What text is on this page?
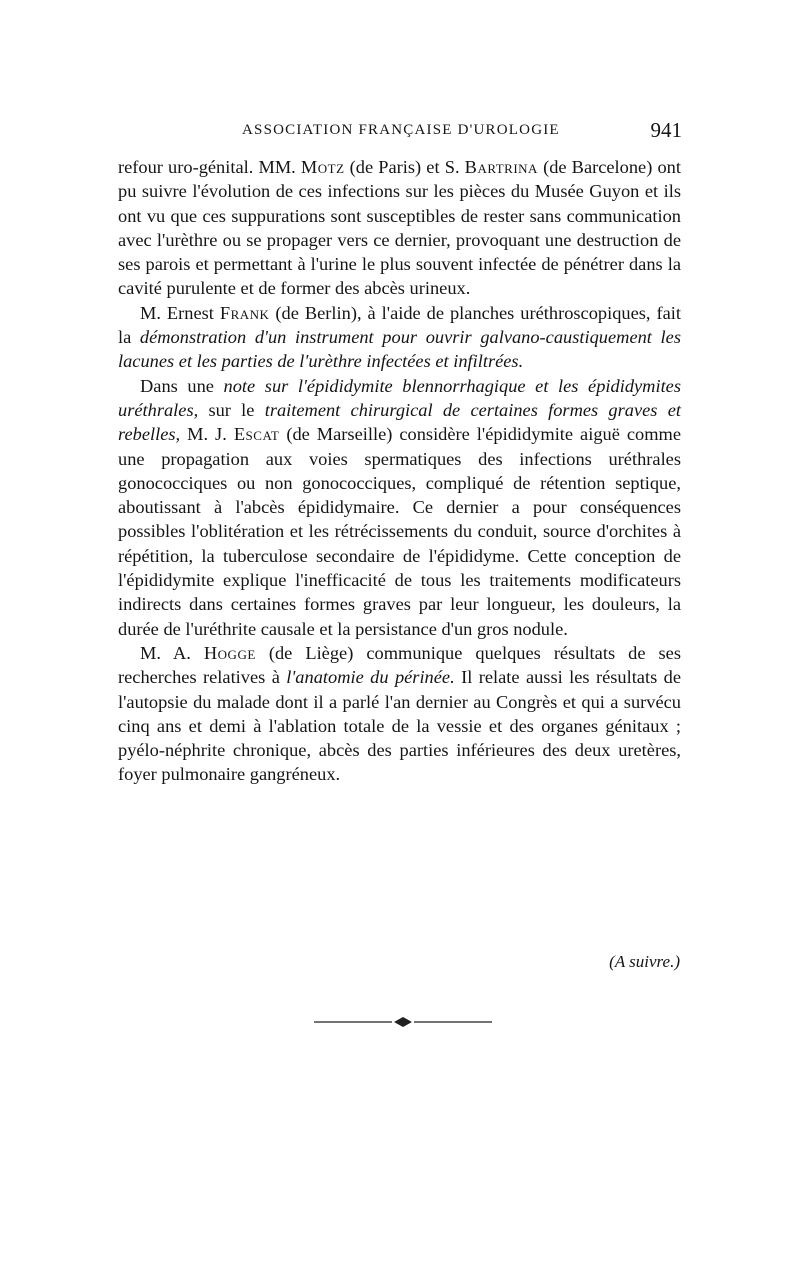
ASSOCIATION FRANÇAISE D'UROLOGIE	941

refour uro-génital. MM. Motz (de Paris) et S. Bartrina (de Barcelone) ont pu suivre l'évolution de ces infections sur les pièces du Musée Guyon et ils ont vu que ces suppurations sont susceptibles de rester sans communication avec l'urèthre ou se propager vers ce dernier, provoquant une destruction de ses parois et permettant à l'urine le plus souvent infectée de pénétrer dans la cavité purulente et de former des abcès urineux.

M. Ernest Frank (de Berlin), à l'aide de planches uréthroscopiques, fait la démonstration d'un instrument pour ouvrir galvano-caustiquement les lacunes et les parties de l'urèthre infectées et infiltrées.

Dans une note sur l'épididymite blennorrhagique et les épididymites uréthrales, sur le traitement chirurgical de certaines formes graves et rebelles, M. J. Escat (de Marseille) considère l'épididymite aiguë comme une propagation aux voies spermatiques des infections uréthrales gonococciques ou non gonococciques, compliqué de rétention septique, aboutissant à l'abcès épididymaire. Ce dernier a pour conséquences possibles l'oblitération et les rétrécissements du conduit, source d'orchites à répétition, la tuberculose secondaire de l'épididyme. Cette conception de l'épididymite explique l'inefficacité de tous les traitements modificateurs indirects dans certaines formes graves par leur longueur, les douleurs, la durée de l'uréthrite causale et la persistance d'un gros nodule.

M. A. Hogge (de Liège) communique quelques résultats de ses recherches relatives à l'anatomie du périnée. Il relate aussi les résultats de l'autopsie du malade dont il a parlé l'an dernier au Congrès et qui a survécu cinq ans et demi à l'ablation totale de la vessie et des organes génitaux ; pyélo-néphrite chronique, abcès des parties inférieures des deux uretères, foyer pulmonaire gangréneux.

(A suivre.)
